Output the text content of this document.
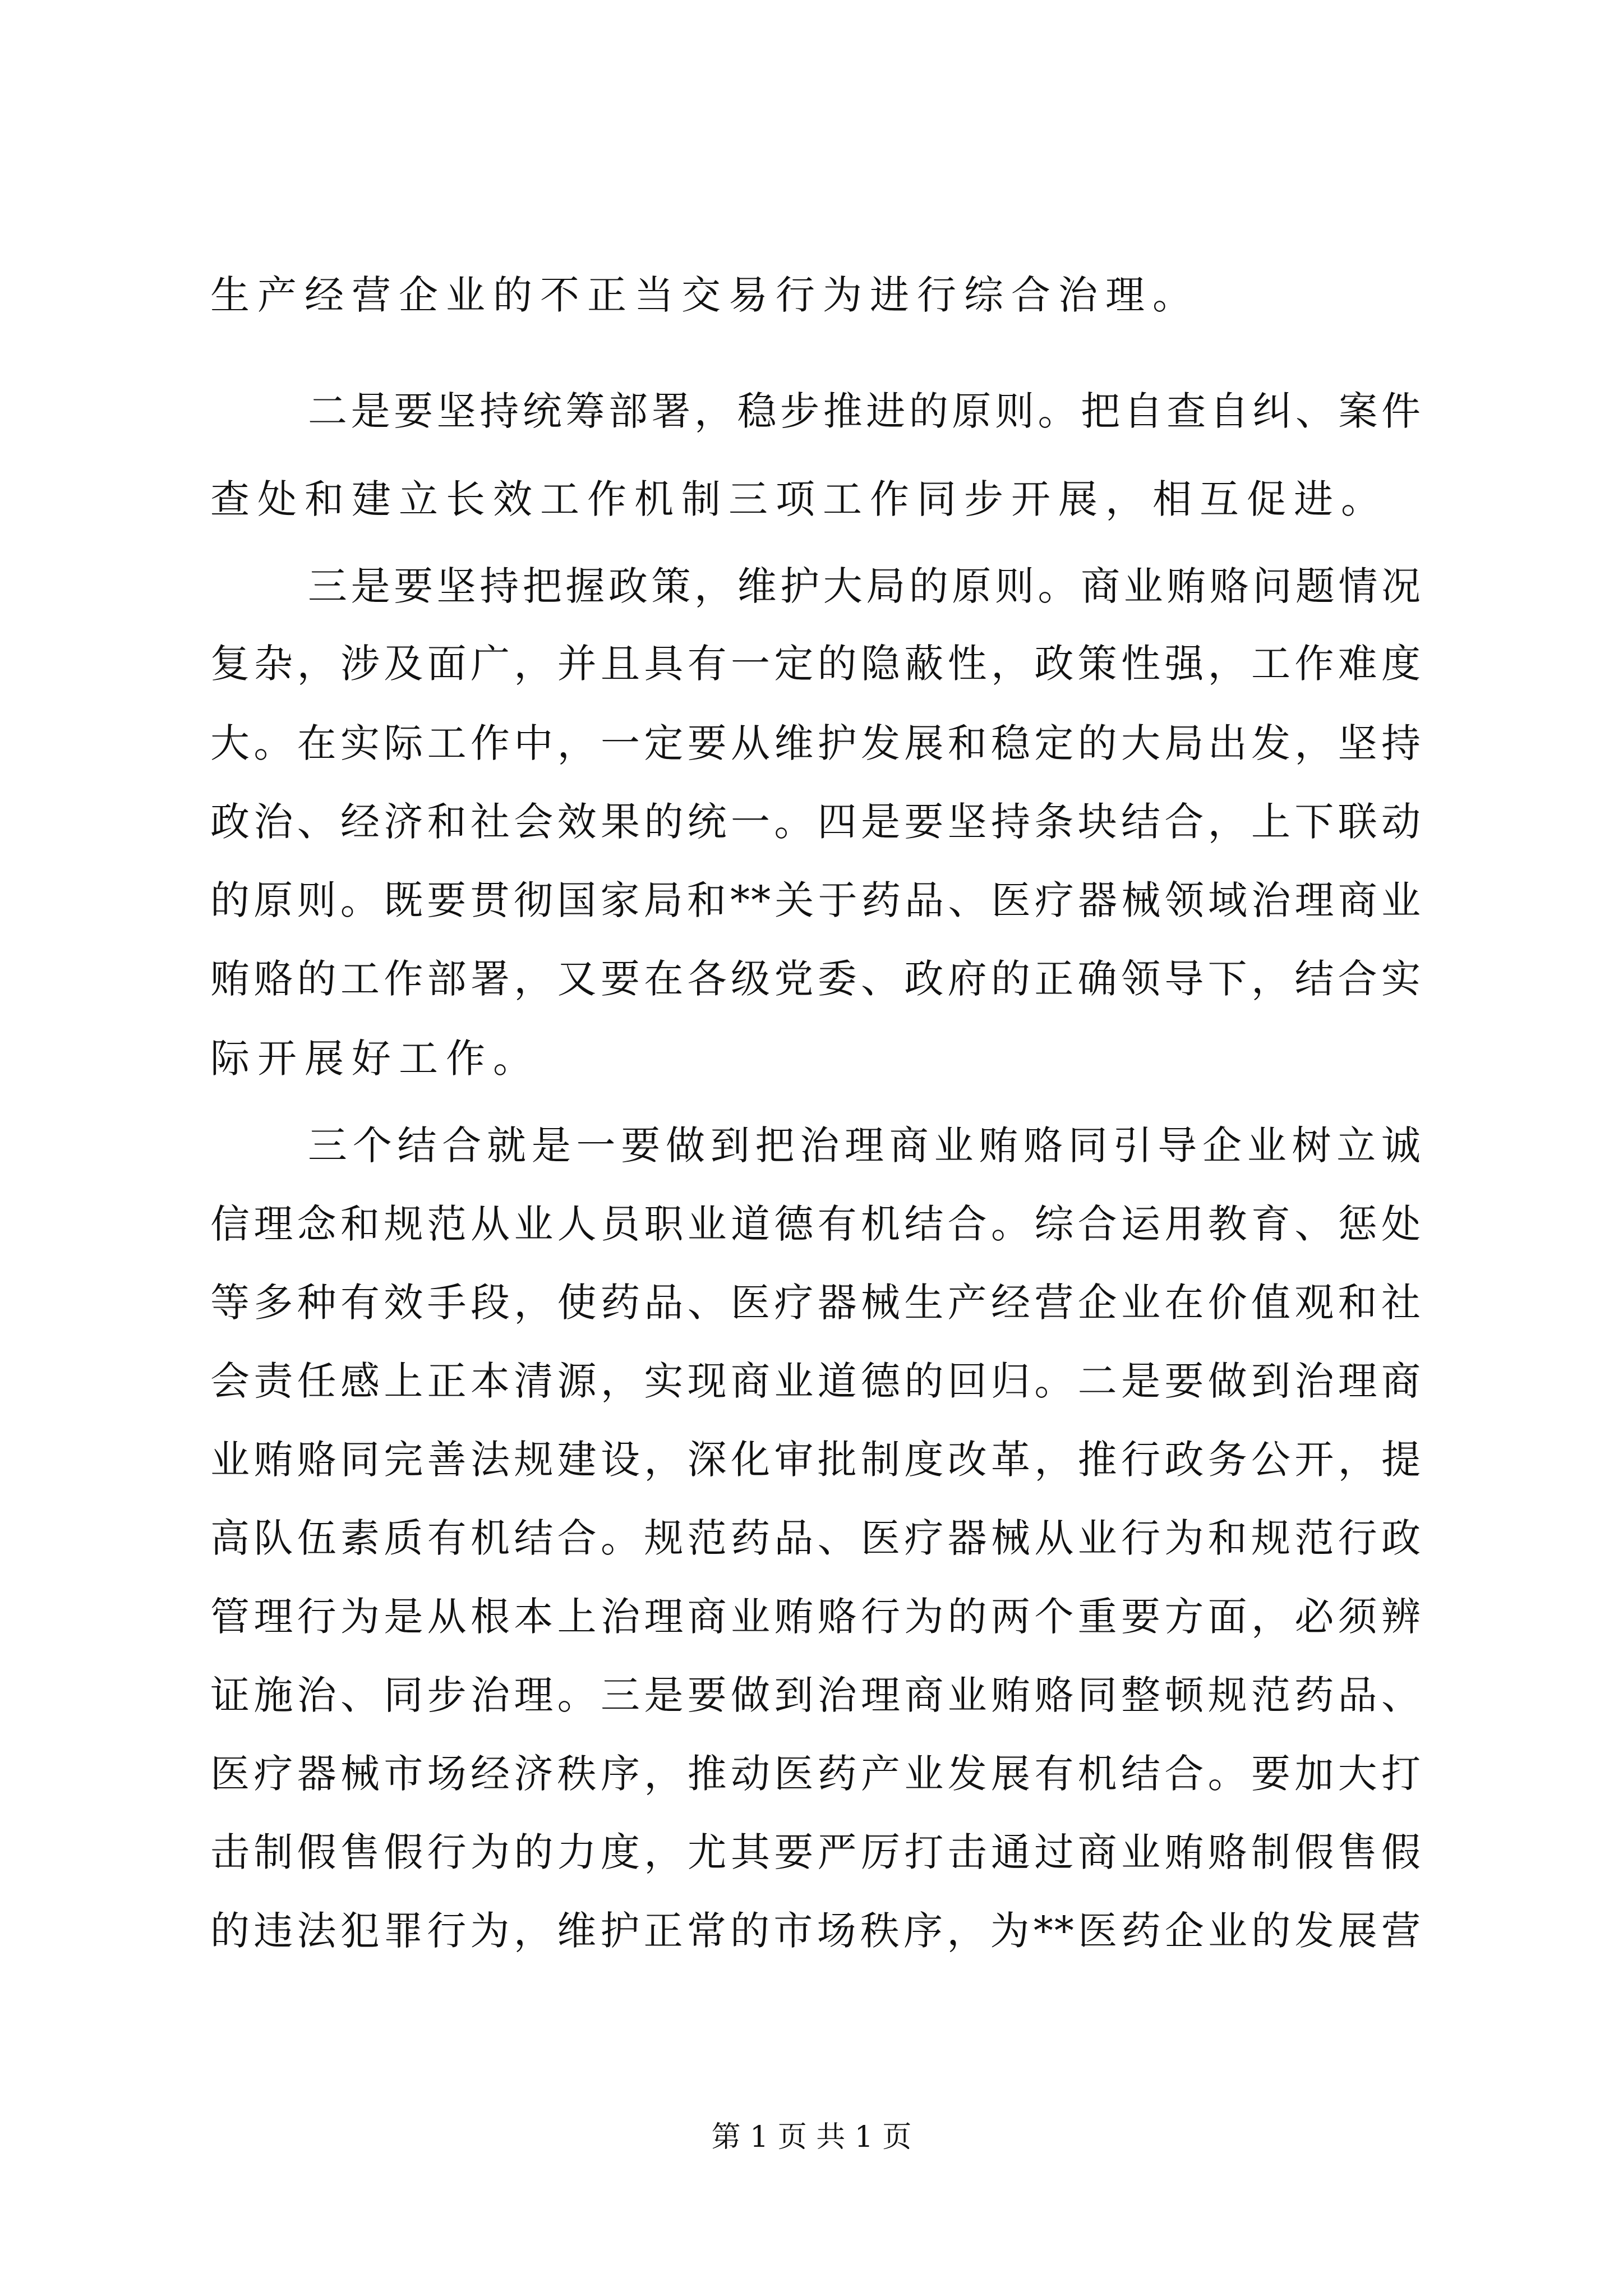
生产经营企业的不正当交易行为进行综合治理。
二是要坚持统筹部署，稳步推进的原则。把自查自纠、案件
查处和建立长效工作机制三项工作同步开展，相互促进。
三是要坚持把握政策，维护大局的原则。商业贿赂问题情况
复杂，涉及面广，并且具有一定的隐蔽性，政策性强，工作难度
大。在实际工作中，一定要从维护发展和稳定的大局出发，坚持
政治、经济和社会效果的统一。四是要坚持条块结合，上下联动
的原则。既要贯彻国家局和**关于药品、医疗器械领域治理商业
贿赂的工作部署，又要在各级党委、政府的正确领导下，结合实
际开展好工作。
三个结合就是一要做到把治理商业贿赂同引导企业树立诚
信理念和规范从业人员职业道德有机结合。综合运用教育、惩处
等多种有效手段，使药品、医疗器械生产经营企业在价值观和社
会责任感上正本清源，实现商业道德的回归。二是要做到治理商
业贿赂同完善法规建设，深化审批制度改革，推行政务公开，提
高队伍素质有机结合。规范药品、医疗器械从业行为和规范行政
管理行为是从根本上治理商业贿赂行为的两个重要方面，必须辨
证施治、同步治理。三是要做到治理商业贿赂同整顿规范药品、
医疗器械市场经济秩序，推动医药产业发展有机结合。要加大打
击制假售假行为的力度，尤其要严厉打击通过商业贿赂制假售假
的违法犯罪行为，维护正常的市场秩序，为**医药企业的发展营
第 1 页 共 1 页
